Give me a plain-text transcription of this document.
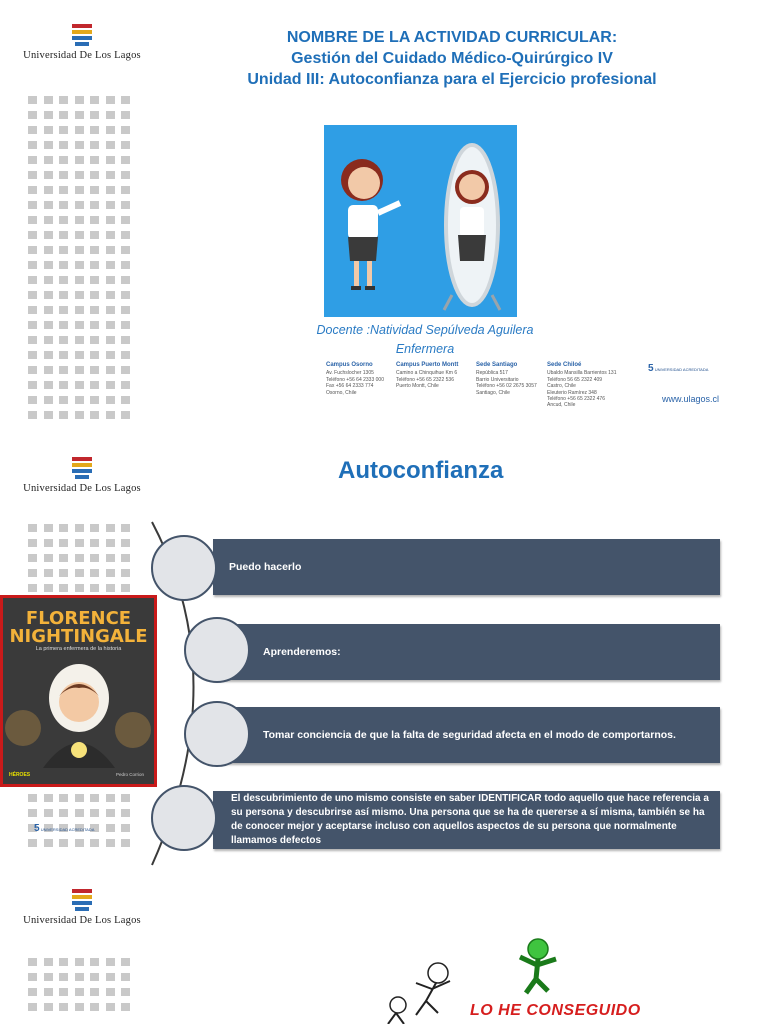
Universidad De Los Lagos
NOMBRE DE LA ACTIVIDAD CURRICULAR:
Gestión del Cuidado Médico-Quirúrgico IV
Unidad III: Autoconfianza para el Ejercicio profesional
Docente :Natividad Sepúlveda Aguilera
Enfermera
Campus Osorno
Av. Fuchslocher 1305
Teléfono +56 64 2333 000
Fax +56 64 2333 774
Osorno, Chile
Campus Puerto Montt
Camino a Chinquihue Km 6
Teléfono +56 65 2322 536
Puerto Montt, Chile
Sede Santiago
República 517
Barrio Universitario
Teléfono +56 02 2675 3057
Santiago, Chile
Sede Chiloé
Ubaldo Mansilla Barrientos 131
Teléfono 56 65 2322 409
Castro, Chile
Eleuterio Ramírez 348
Teléfono +56 65 2322 476
Ancud, Chile
5 UNIVERSIDAD ACREDITADA
www.ulagos.cl
Universidad De Los Lagos
Autoconfianza
Puedo hacerlo
Aprenderemos:
Tomar conciencia de que la falta de seguridad afecta en el modo de comportarnos.
El descubrimiento de uno mismo consiste en saber IDENTIFICAR todo aquello que hace referencia a su persona y descubrirse así mismo. Una persona que se ha de quererse a sí misma, también se ha de conocer mejor y aceptarse incluso con aquellos aspectos de su persona que normalmente llamamos defectos
FLORENCE NIGHTINGALE
La primera enfermera de la historia
HÉROES	Pedro Corrion
5 UNIVERSIDAD ACREDITADA
Universidad De Los Lagos
LO HE CONSEGUIDO
